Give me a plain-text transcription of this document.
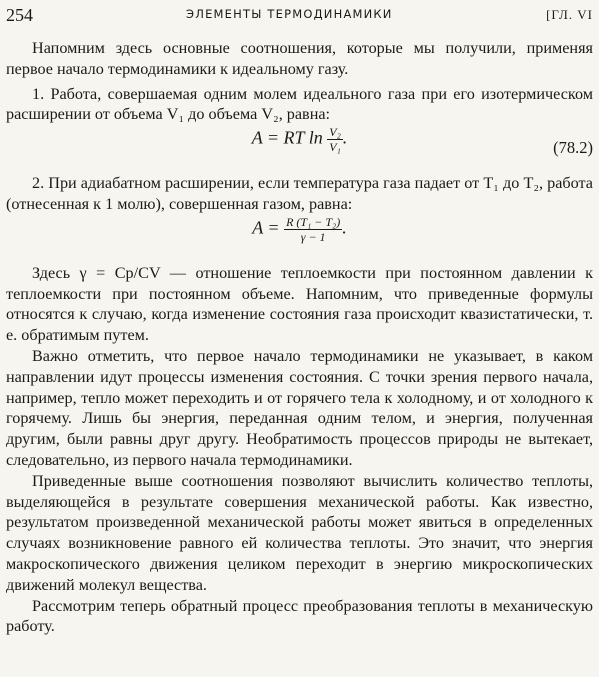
254	ЭЛЕМЕНТЫ ТЕРМОДИНАМИКИ	[ГЛ. VI

Напомним здесь основные соотношения, которые мы получили, применяя первое начало термодинамики к идеальному газу.

1. Работа, совершаемая одним молем идеального газа при его изотермическом расширении от объема V₁ до объема V₂, равна:

A = RT $\ln \frac{\text{V₂}}{\text{V₁}}$ .	(78.2)

2. При адиабатном расширении, если температура газа падает от T₁ до T₂, работа (отнесенная к 1 молю), совершенная газом, равна:

$A = \frac{\text{R (T₁ − T₂)}}{\gamma - 1}$ .

Здесь γ = Cp/CV — отношение теплоемкости при постоянном давлении к теплоемкости при постоянном объеме. Напомним, что приведенные формулы относятся к случаю, когда изменение состояния газа происходит квазистатически, т. е. обратимым путем.

Важно отметить, что первое начало термодинамики не указывает, в каком направлении идут процессы изменения состояния. С точки зрения первого начала, например, тепло может переходить и от горячего тела к холодному, и от холодного к горячему. Лишь бы энергия, переданная одним телом, и энергия, полученная другим, были равны друг другу. Необратимость процессов природы не вытекает, следовательно, из первого начала термодинамики.

Приведенные выше соотношения позволяют вычислить количество теплоты, выделяющейся в результате совершения механической работы. Как известно, результатом произведенной механической работы может явиться в определенных случаях возникновение равного ей количества теплоты. Это значит, что энергия макроскопического движения целиком переходит в энергию микроскопических движений молекул вещества.

Рассмотрим теперь обратный процесс преобразования теплоты в механическую работу.
